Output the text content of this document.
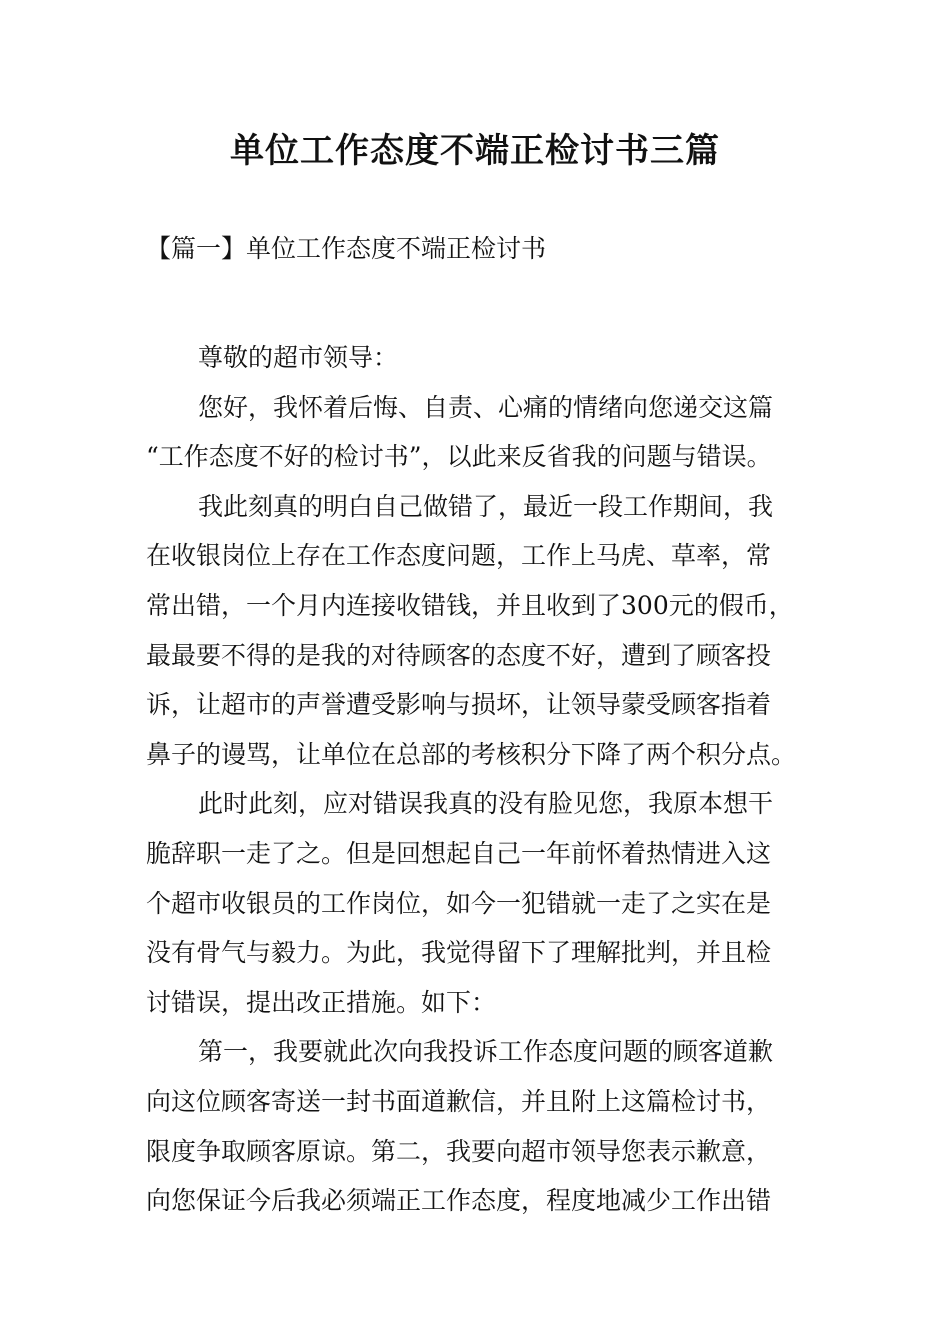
单位工作态度不端正检讨书三篇
【篇一】单位工作态度不端正检讨书
尊敬的超市领导：
您好，我怀着后悔、自责、心痛的情绪向您递交这篇
“工作态度不好的检讨书”，以此来反省我的问题与错误。
我此刻真的明白自己做错了，最近一段工作期间，我
在收银岗位上存在工作态度问题，工作上马虎、草率，常
常出错，一个月内连接收错钱，并且收到了300元的假币，
最最要不得的是我的对待顾客的态度不好，遭到了顾客投
诉，让超市的声誉遭受影响与损坏，让领导蒙受顾客指着
鼻子的谩骂，让单位在总部的考核积分下降了两个积分点。
此时此刻，应对错误我真的没有脸见您，我原本想干
脆辞职一走了之。但是回想起自己一年前怀着热情进入这
个超市收银员的工作岗位，如今一犯错就一走了之实在是
没有骨气与毅力。为此，我觉得留下了理解批判，并且检
讨错误，提出改正措施。如下：
第一，我要就此次向我投诉工作态度问题的顾客道歉
向这位顾客寄送一封书面道歉信，并且附上这篇检讨书，
限度争取顾客原谅。第二，我要向超市领导您表示歉意，
向您保证今后我必须端正工作态度，程度地减少工作出错
